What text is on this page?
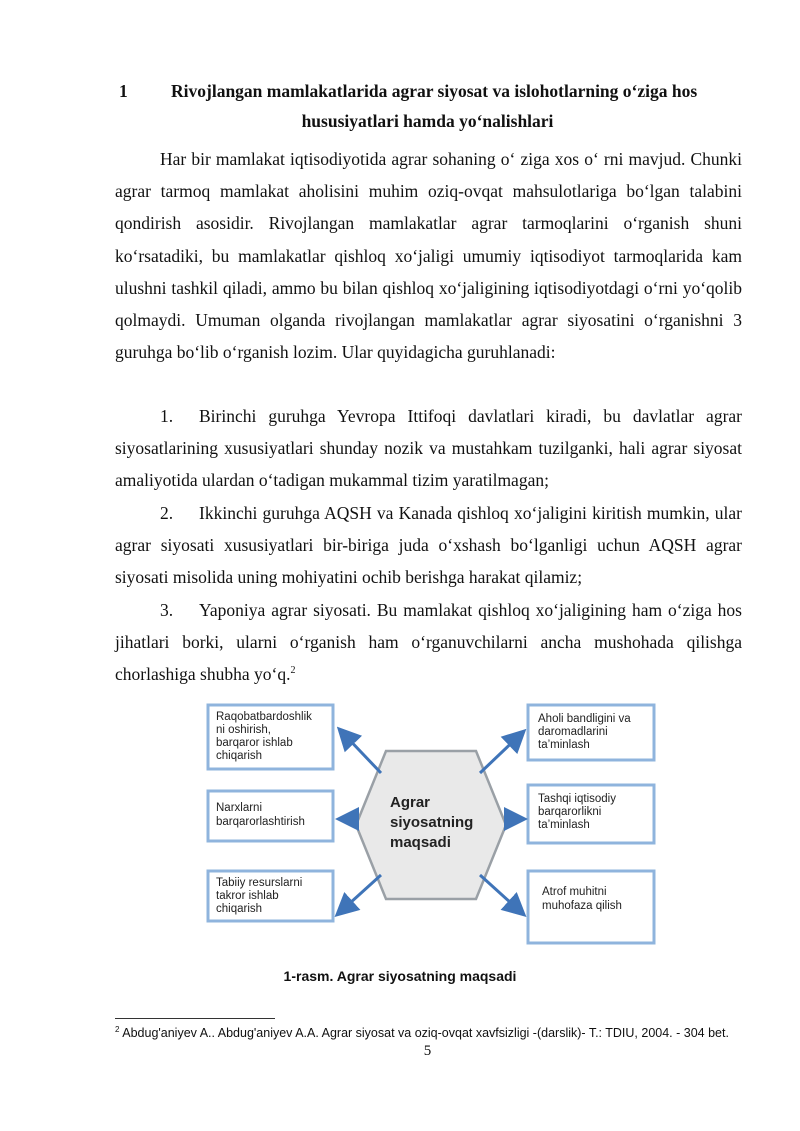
1 Rivojlangan mamlakatlarida agrar siyosat va islohotlarning o‘ziga hos
hususiyatlari hamda yo‘nalishlari

Har bir mamlakat iqtisodiyotida agrar sohaning o‘ ziga xos o‘ rni mavjud. Chunki agrar tarmoq mamlakat aholisini muhim oziq-ovqat mahsulotlariga bo‘lgan talabini qondirish asosidir. Rivojlangan mamlakatlar agrar tarmoqlarini o‘rganish shuni ko‘rsatadiki, bu mamlakatlar qishloq xo‘jaligi umumiy iqtisodiyot tarmoqlarida kam ulushni tashkil qiladi, ammo bu bilan qishloq xo‘jaligining iqtisodiyotdagi o‘rni yo‘qolib qolmaydi. Umuman olganda rivojlangan mamlakatlar agrar siyosatini o‘rganishni 3 guruhga bo‘lib o‘rganish lozim. Ular quyidagicha guruhlanadi:

1. Birinchi guruhga Yevropa Ittifoqi davlatlari kiradi, bu davlatlar agrar siyosatlarining xususiyatlari shunday nozik va mustahkam tuzilganki, hali agrar siyosat amaliyotida ulardan o‘tadigan mukammal tizim yaratilmagan;

2. Ikkinchi guruhga AQSH va Kanada qishloq xo‘jaligini kiritish mumkin, ular agrar siyosati xususiyatlari bir-biriga juda o‘xshash bo‘lganligi uchun AQSH agrar siyosati misolida uning mohiyatini ochib berishga harakat qilamiz;

3. Yaponiya agrar siyosati. Bu mamlakat qishloq xo‘jaligining ham o‘ziga hos jihatlari borki, ularni o‘rganish ham o‘rganuvchilarni ancha mushohada qilishga chorlashiga shubha yo‘q.$^2$

Raqobatbardoshlik ni oshirish, barqaror ishlab chiqarish
Narxlarni barqarorlashtirish
Tabiiy resurslarni takror ishlab chiqarish
Aholi bandligini va daromadlarini ta’minlash
Tashqi iqtisodiy barqarorlikni ta’minlash
Atrof muhitni muhofaza qilish
Agrar siyosatning maqsadi
1-rasm. Agrar siyosatning maqsadi
$^2$ Abdug'aniyev A.. Abdug'aniyev A.A. Agrar siyosat va oziq-ovqat xavfsizligi -(darslik)- T.: TDIU, 2004. - 304 bet.
5
